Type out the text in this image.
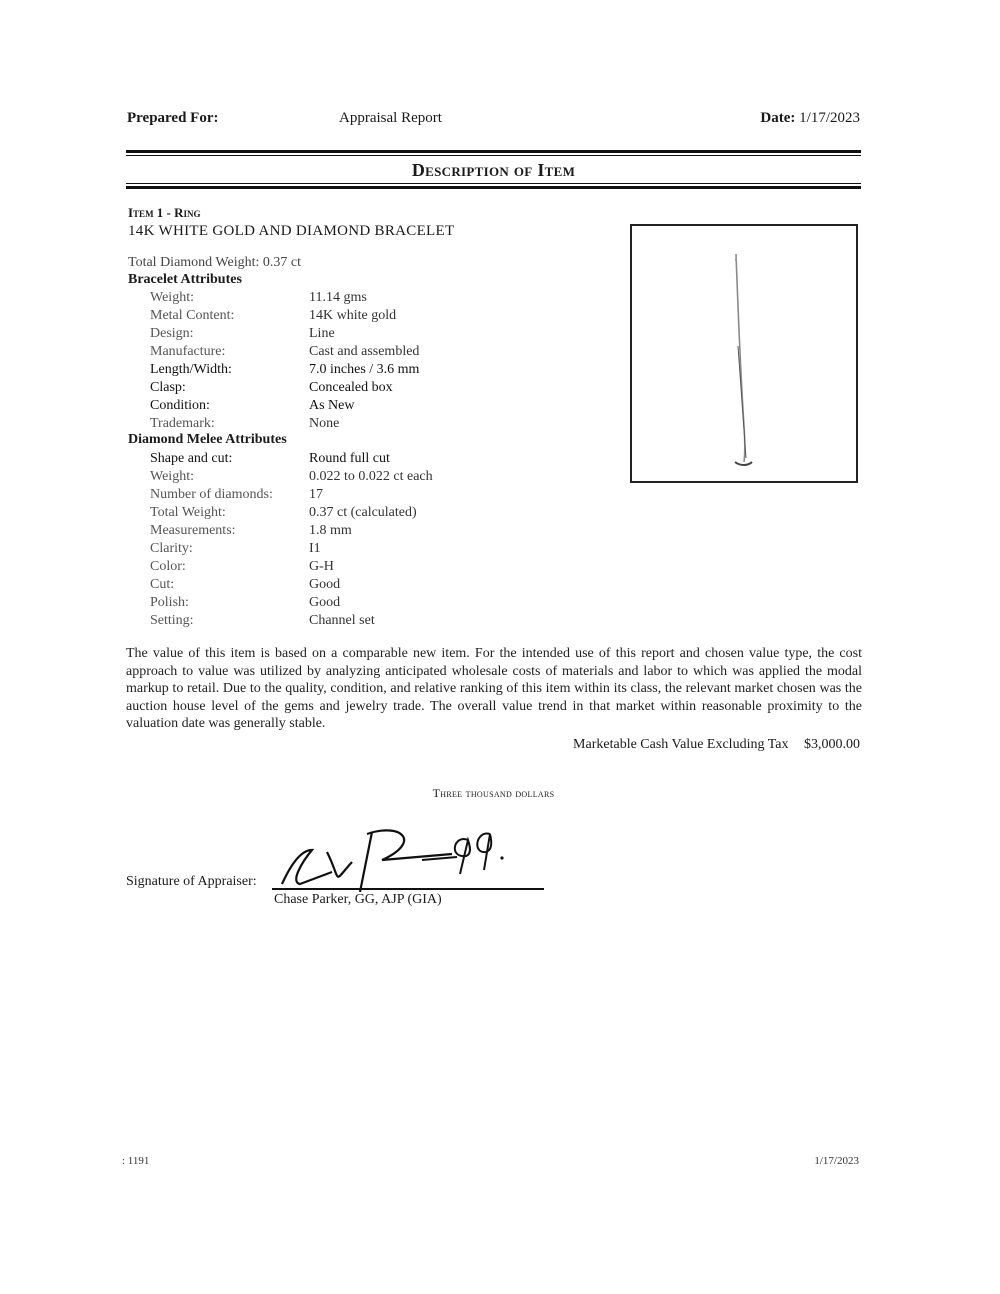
Prepared For:	Appraisal Report	Date: 1/17/2023
Description of Item
Item 1 - Ring
14K WHITE GOLD AND DIAMOND BRACELET
Total Diamond Weight: 0.37 ct
Bracelet Attributes
Weight:	11.14 gms
Metal Content:	14K white gold
Design:	Line
Manufacture:	Cast and assembled
Length/Width:	7.0 inches / 3.6 mm
Clasp:	Concealed box
Condition:	As New
Trademark:	None
Diamond Melee Attributes
Shape and cut:	Round full cut
Weight:	0.022 to 0.022 ct each
Number of diamonds:	17
Total Weight:	0.37 ct (calculated)
Measurements:	1.8 mm
Clarity:	I1
Color:	G-H
Cut:	Good
Polish:	Good
Setting:	Channel set
The value of this item is based on a comparable new item. For the intended use of this report and chosen value type, the cost approach to value was utilized by analyzing anticipated wholesale costs of materials and labor to which was applied the modal markup to retail. Due to the quality, condition, and relative ranking of this item within its class, the relevant market chosen was the auction house level of the gems and jewelry trade. The overall value trend in that market within reasonable proximity to the valuation date was generally stable.
Marketable Cash Value Excluding Tax $3,000.00
Three thousand dollars
Signature of Appraiser:
Chase Parker, GG, AJP (GIA)
: 1191	1/17/2023
